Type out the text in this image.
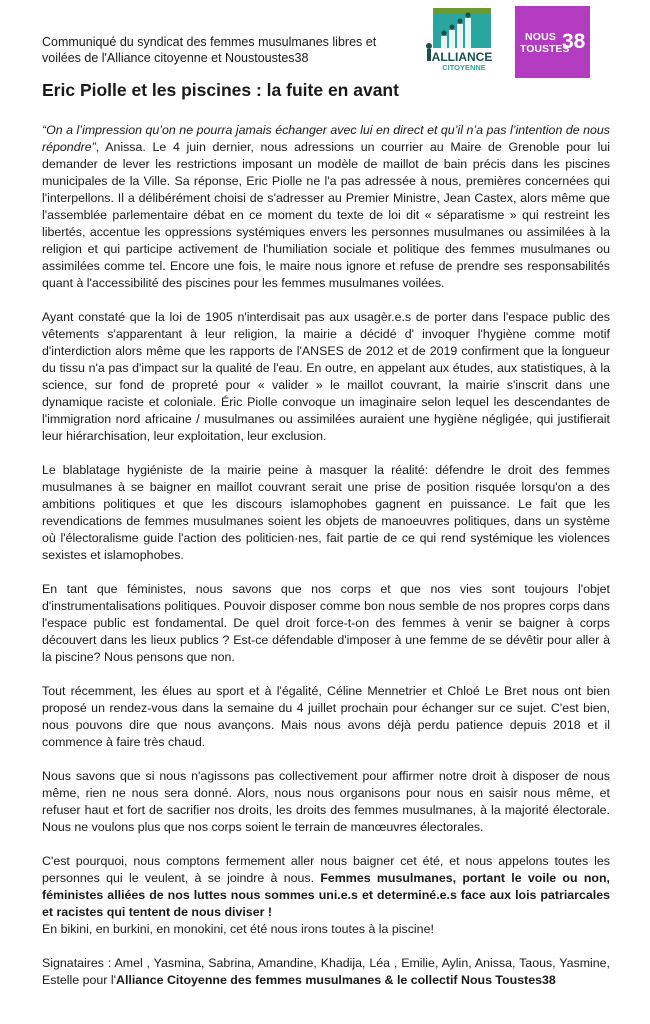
Communiqué du syndicat des femmes musulmanes libres et
voilées de l'Alliance citoyenne et Noustoustes38	ALLIANCE
CITOYENNE
NOUS
TOUSTES
38
Eric Piolle et les piscines : la fuite en avant

“On a l’impression qu’on ne pourra jamais échanger avec lui en direct et qu’il n’a pas l’intention de nous répondre”, Anissa. Le 4 juin dernier, nous adressions un courrier au Maire de Grenoble pour lui demander de lever les restrictions imposant un modèle de maillot de bain précis dans les piscines municipales de la Ville. Sa réponse, Eric Piolle ne l'a pas adressée à nous, premières concernées qui l'interpellons. Il a délibérément choisi de s'adresser au Premier Ministre, Jean Castex, alors même que l'assemblée parlementaire débat en ce moment du texte de loi dit « séparatisme » qui restreint les libertés, accentue les oppressions systémiques envers les personnes musulmanes ou assimilées à la religion et qui participe activement de l'humiliation sociale et politique des femmes musulmanes ou assimilées comme tel. Encore une fois, le maire nous ignore et refuse de prendre ses responsabilités quant à l'accessibilité des piscines pour les femmes musulmanes voilées.

Ayant constaté que la loi de 1905 n'interdisait pas aux usagèr.e.s de porter dans l'espace public des vêtements s'apparentant à leur religion, la mairie a décidé d' invoquer l'hygiène comme motif d'interdiction alors même que les rapports de l'ANSES de 2012 et de 2019 confirment que la longueur du tissu n'a pas d'impact sur la qualité de l'eau. En outre, en appelant aux études, aux statistiques, à la science, sur fond de propreté pour « valider » le maillot couvrant, la mairie s'inscrit dans une dynamique raciste et coloniale. Éric Piolle convoque un imaginaire selon lequel les descendantes de l'immigration nord africaine / musulmanes ou assimilées auraient une hygiène négligée, qui justifierait leur hiérarchisation, leur exploitation, leur exclusion.

Le blablatage hygiéniste de la mairie peine à masquer la réalité: défendre le droit des femmes musulmanes à se baigner en maillot couvrant serait une prise de position risquée lorsqu'on a des ambitions politiques et que les discours islamophobes gagnent en puissance. Le fait que les revendications de femmes musulmanes soient les objets de manoeuvres politiques, dans un système où l'électoralisme guide l'action des politicien·nes, fait partie de ce qui rend systémique les violences sexistes et islamophobes.

En tant que féministes, nous savons que nos corps et que nos vies sont toujours l'objet d'instrumentalisations politiques. Pouvoir disposer comme bon nous semble de nos propres corps dans l'espace public est fondamental. De quel droit force-t-on des femmes à venir se baigner à corps découvert dans les lieux publics ? Est-ce défendable d'imposer à une femme de se dévêtir pour aller à la piscine? Nous pensons que non.

Tout récemment, les élues au sport et à l'égalité, Céline Mennetrier et Chloé Le Bret nous ont bien proposé un rendez-vous dans la semaine du 4 juillet prochain pour échanger sur ce sujet. C'est bien, nous pouvons dire que nous avançons. Mais nous avons déjà perdu patience depuis 2018 et il commence à faire très chaud.

Nous savons que si nous n'agissons pas collectivement pour affirmer notre droit à disposer de nous même, rien ne nous sera donné. Alors, nous nous organisons pour nous en saisir nous même, et refuser haut et fort de sacrifier nos droits, les droits des femmes musulmanes, à la majorité électorale. Nous ne voulons plus que nos corps soient le terrain de manœuvres électorales.

C'est pourquoi, nous comptons fermement aller nous baigner cet été, et nous appelons toutes les personnes qui le veulent, à se joindre à nous. Femmes musulmanes, portant le voile ou non, féministes alliées de nos luttes nous sommes uni.e.s et determiné.e.s face aux lois patriarcales et racistes qui tentent de nous diviser !
En bikini, en burkini, en monokini, cet été nous irons toutes à la piscine!

Signataires : Amel , Yasmina, Sabrina, Amandine, Khadija, Léa , Emilie, Aylin, Anissa, Taous, Yasmine, Estelle pour l'Alliance Citoyenne des femmes musulmanes & le collectif Nous Toustes38
